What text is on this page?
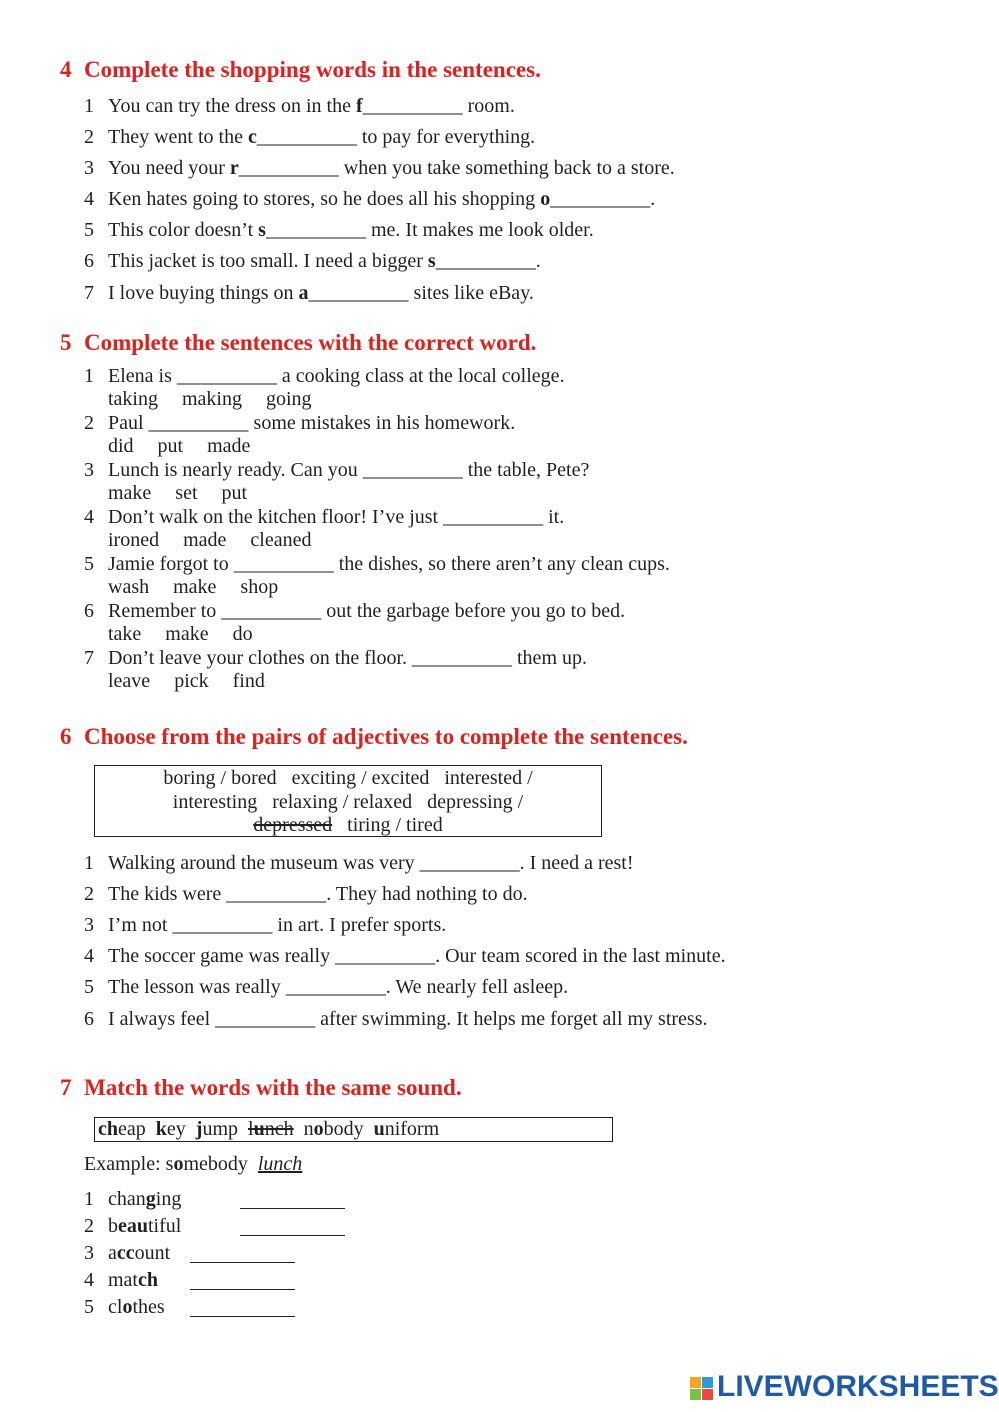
4 Complete the shopping words in the sentences.
1 You can try the dress on in the f__________ room.
2 They went to the c__________ to pay for everything.
3 You need your r__________ when you take something back to a store.
4 Ken hates going to stores, so he does all his shopping o__________.
5 This color doesn’t s__________ me. It makes me look older.
6 This jacket is too small. I need a bigger s__________.
7 I love buying things on a__________ sites like eBay.
5 Complete the sentences with the correct word.
1 Elena is __________ a cooking class at the local college.
taking  making  going
2 Paul __________ some mistakes in his homework.
did  put  made
3 Lunch is nearly ready. Can you __________ the table, Pete?
make  set  put
4 Don’t walk on the kitchen floor! I’ve just __________ it.
ironed  made  cleaned
5 Jamie forgot to __________ the dishes, so there aren’t any clean cups.
wash  make  shop
6 Remember to __________ out the garbage before you go to bed.
take  make  do
7 Don’t leave your clothes on the floor. __________ them up.
leave  pick  find
6 Choose from the pairs of adjectives to complete the sentences.
boring / bored   exciting / excited   interested /
interesting   relaxing / relaxed   depressing /
depressed   tiring / tired
1 Walking around the museum was very __________. I need a rest!
2 The kids were __________. They had nothing to do.
3 I’m not __________ in art. I prefer sports.
4 The soccer game was really __________. Our team scored in the last minute.
5 The lesson was really __________. We nearly fell asleep.
6 I always feel __________ after swimming. It helps me forget all my stress.
7 Match the words with the same sound.
cheap key jump lunch nobody uniform
Example: somebody lunch
1 changing
2 beautiful
3 account
4 match
5 clothes
LIVEWORKSHEETS
